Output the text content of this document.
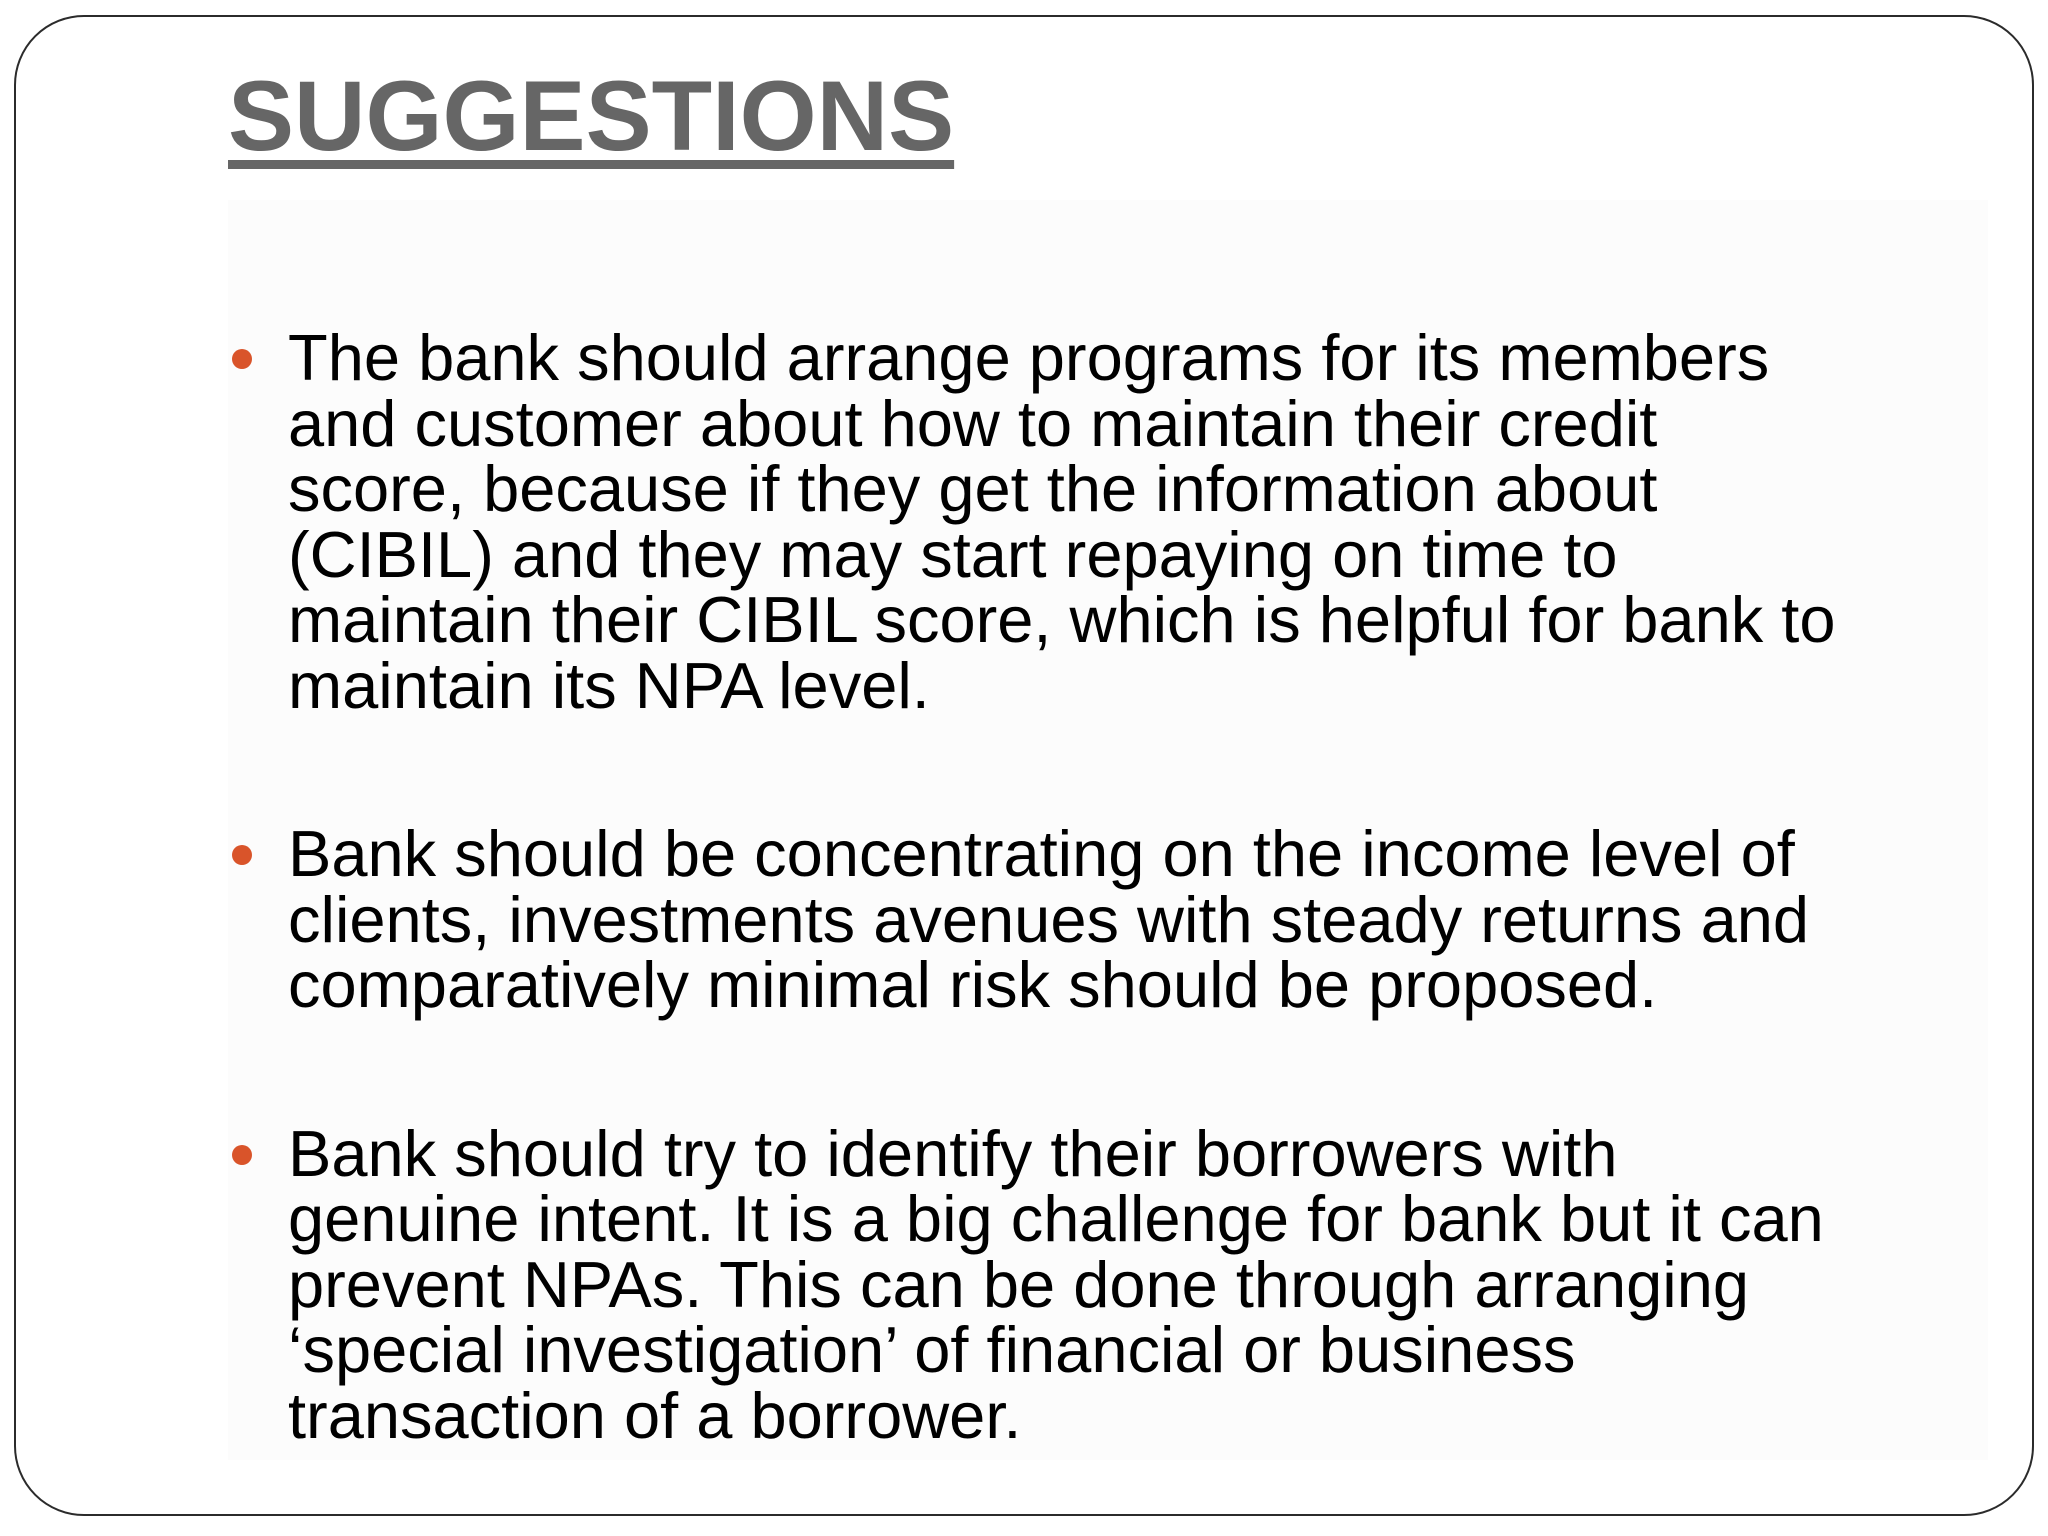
SUGGESTIONS
The bank should arrange programs for its members
and customer about how to maintain their credit
score, because if they get the information about
(CIBIL) and they may start repaying on time to
maintain their CIBIL score, which is helpful for bank to
maintain its NPA level.
Bank should be concentrating on the income level of
clients, investments avenues with steady returns and
comparatively minimal risk should be proposed.
Bank should try to identify their borrowers with
genuine intent. It is a big challenge for bank but it can
prevent NPAs. This can be done through arranging
‘special investigation’ of financial or business
transaction of a borrower.
